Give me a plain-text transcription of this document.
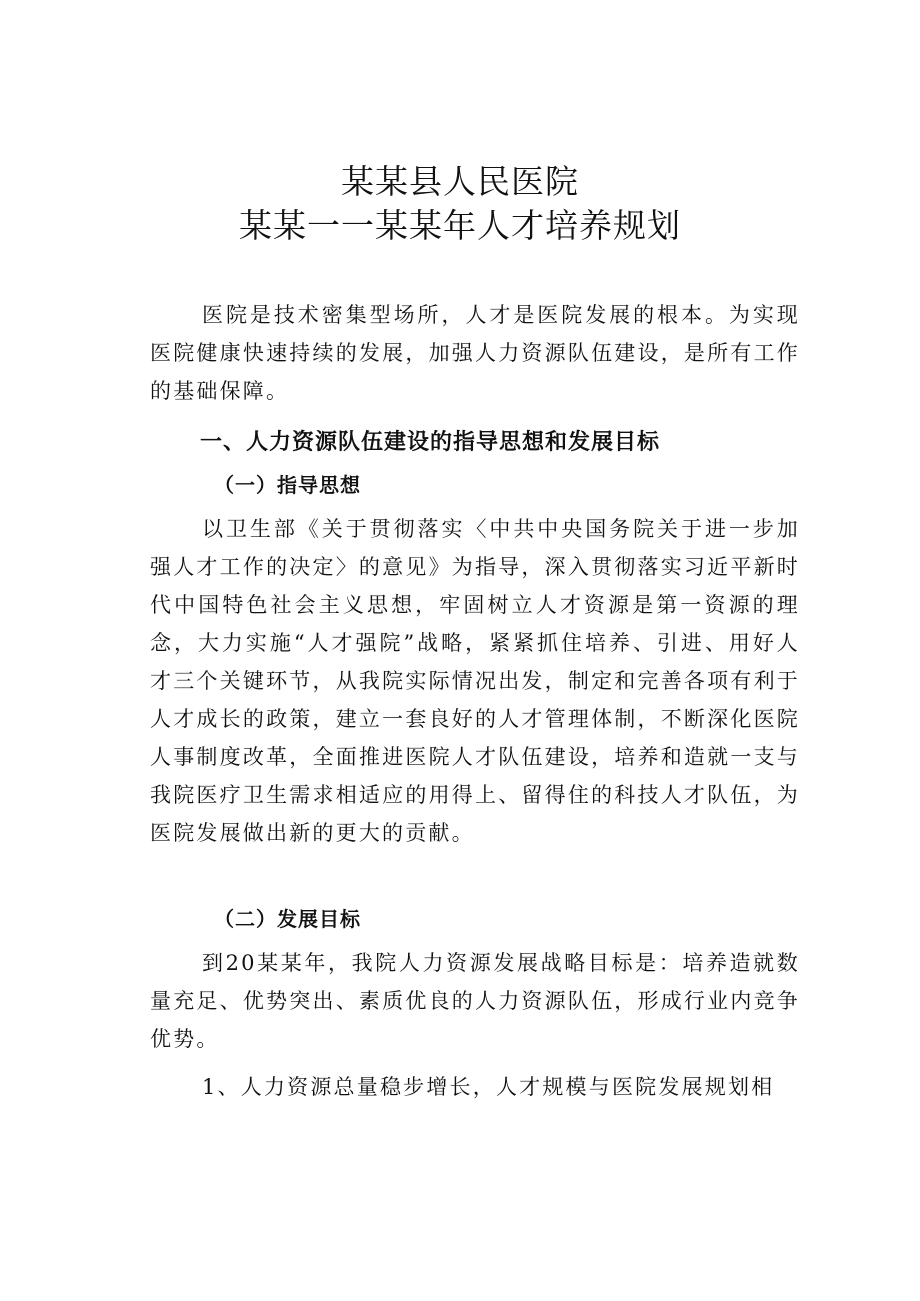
某某县人民医院
某某一一某某年人才培养规划

医院是技术密集型场所，人才是医院发展的根本。为实现医院健康快速持续的发展，加强人力资源队伍建设，是所有工作的基础保障。

一、人力资源队伍建设的指导思想和发展目标

（一）指导思想

以卫生部《关于贯彻落实〈中共中央国务院关于进一步加强人才工作的决定〉的意见》为指导，深入贯彻落实习近平新时代中国特色社会主义思想，牢固树立人才资源是第一资源的理念，大力实施“人才强院”战略，紧紧抓住培养、引进、用好人才三个关键环节，从我院实际情况出发，制定和完善各项有利于人才成长的政策，建立一套良好的人才管理体制，不断深化医院人事制度改革，全面推进医院人才队伍建设，培养和造就一支与我院医疗卫生需求相适应的用得上、留得住的科技人才队伍，为医院发展做出新的更大的贡献。

（二）发展目标

到20某某年，我院人力资源发展战略目标是：培养造就数量充足、优势突出、素质优良的人力资源队伍，形成行业内竞争优势。

1、人力资源总量稳步增长，人才规模与医院发展规划相
